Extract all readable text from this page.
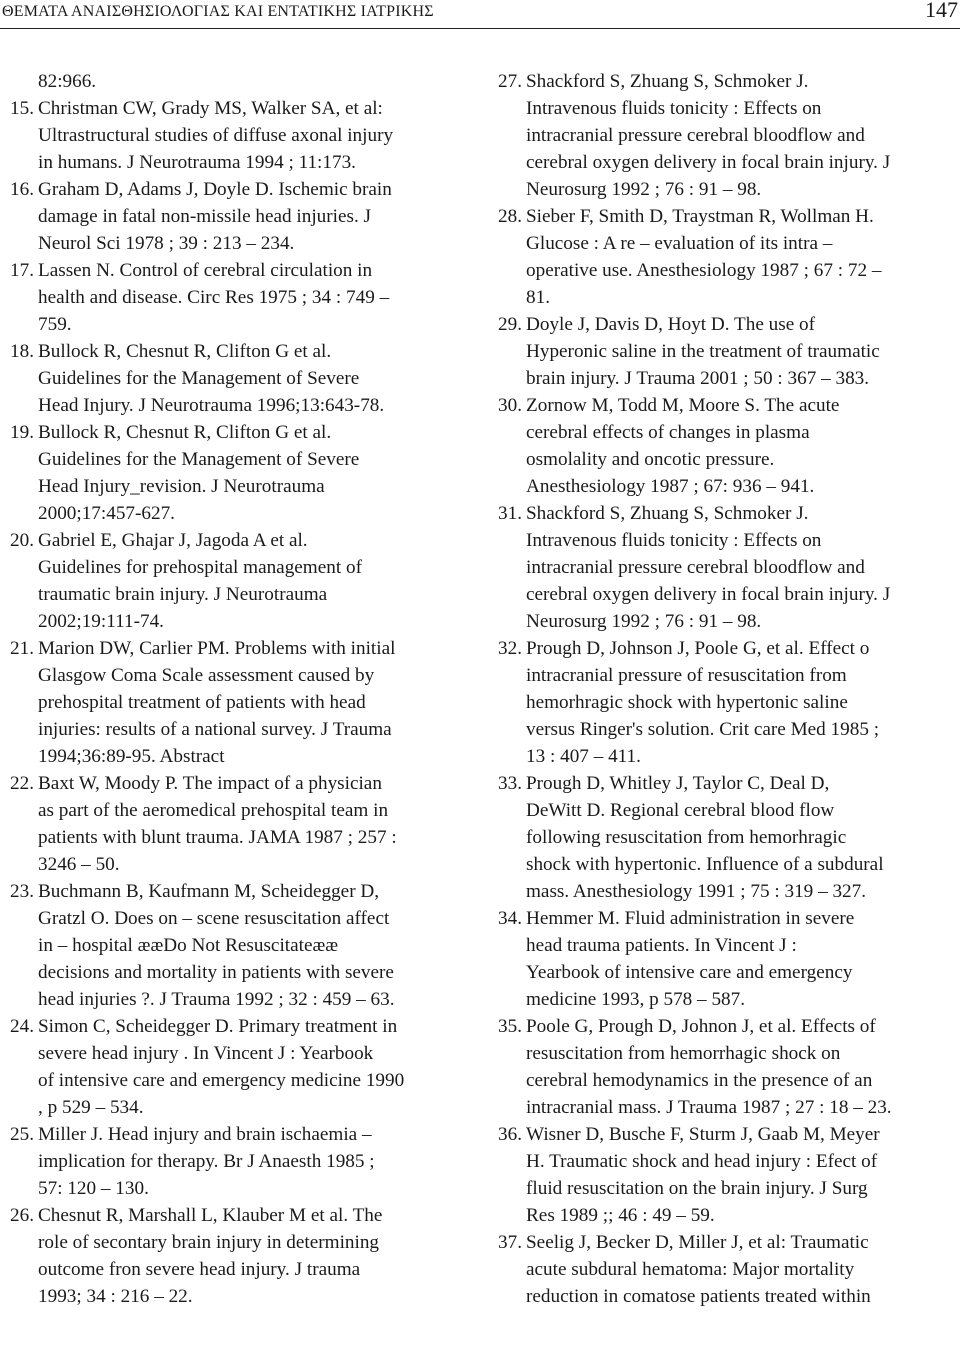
ΘΕΜΑΤΑ ΑΝΑΙΣΘΗΣΙΟΛΟΓΙΑΣ ΚΑΙ ΕΝΤΑΤΙΚΗΣ ΙΑΤΡΙΚΗΣ	147
82:966.
15. Christman CW, Grady MS, Walker SA, et al:
Ultrastructural studies of diffuse axonal injury
in humans. J Neurotrauma 1994 ; 11:173.
16. Graham D, Adams J, Doyle D. Ischemic brain
damage in fatal non-missile head injuries. J
Neurol Sci 1978 ; 39 : 213 – 234.
17. Lassen N. Control of cerebral circulation in
health and disease. Circ Res 1975 ; 34 : 749 –
759.
18. Bullock R, Chesnut R, Clifton G et al.
Guidelines for the Management of Severe
Head Injury. J Neurotrauma 1996;13:643-78.
19. Bullock R, Chesnut R, Clifton G et al.
Guidelines for the Management of Severe
Head Injury_revision. J Neurotrauma
2000;17:457-627.
20. Gabriel E, Ghajar J, Jagoda A et al.
Guidelines for prehospital management of
traumatic brain injury. J Neurotrauma
2002;19:111-74.
21. Marion DW, Carlier PM. Problems with initial
Glasgow Coma Scale assessment caused by
prehospital treatment of patients with head
injuries: results of a national survey. J Trauma
1994;36:89-95. Abstract
22. Baxt W, Moody P. The impact of a physician
as part of the aeromedical prehospital team in
patients with blunt trauma. JAMA 1987 ; 257 :
3246 – 50.
23. Buchmann B, Kaufmann M, Scheidegger D,
Gratzl O. Does on – scene resuscitation affect
in – hospital ææDo Not Resuscitateææ
decisions and mortality in patients with severe
head injuries ?. J Trauma 1992 ; 32 : 459 – 63.
24. Simon C, Scheidegger D. Primary treatment in
severe head injury . In Vincent J : Yearbook
of intensive care and emergency medicine 1990
, p 529 – 534.
25. Miller J. Head injury and brain ischaemia –
implication for therapy. Br J Anaesth 1985 ;
57: 120 – 130.
26. Chesnut R, Marshall L, Klauber M et al. The
role of secontary brain injury in determining
outcome fron severe head injury. J trauma
1993; 34 : 216 – 22.
27. Shackford S, Zhuang S, Schmoker J.
Intravenous fluids tonicity : Effects on
intracranial pressure cerebral bloodflow and
cerebral oxygen delivery in focal brain injury. J
Neurosurg 1992 ; 76 : 91 – 98.
28. Sieber F, Smith D, Traystman R, Wollman H.
Glucose : A re – evaluation of its intra –
operative use. Anesthesiology 1987 ; 67 : 72 –
81.
29. Doyle J, Davis D, Hoyt D. The use of
Hyperonic saline in the treatment of traumatic
brain injury. J Trauma 2001 ; 50 : 367 – 383.
30. Zornow M, Todd M, Moore S. The acute
cerebral effects of changes in plasma
osmolality and oncotic pressure.
Anesthesiology 1987 ; 67: 936 – 941.
31. Shackford S, Zhuang S, Schmoker J.
Intravenous fluids tonicity : Effects on
intracranial pressure cerebral bloodflow and
cerebral oxygen delivery in focal brain injury. J
Neurosurg 1992 ; 76 : 91 – 98.
32. Prough D, Johnson J, Poole G, et al. Effect o
intracranial pressure of resuscitation from
hemorhragic shock with hypertonic saline
versus Ringer's solution. Crit care Med 1985 ;
13 : 407 – 411.
33. Prough D, Whitley J, Taylor C, Deal D,
DeWitt D. Regional cerebral blood flow
following resuscitation from hemorhragic
shock with hypertonic. Influence of a subdural
mass. Anesthesiology 1991 ; 75 : 319 – 327.
34. Hemmer M. Fluid administration in severe
head trauma patients. In Vincent J :
Yearbook of intensive care and emergency
medicine 1993, p 578 – 587.
35. Poole G, Prough D, Johnon J, et al. Effects of
resuscitation from hemorrhagic shock on
cerebral hemodynamics in the presence of an
intracranial mass. J Trauma 1987 ; 27 : 18 – 23.
36. Wisner D, Busche F, Sturm J, Gaab M, Meyer
H. Traumatic shock and head injury : Efect of
fluid resuscitation on the brain injury. J Surg
Res 1989 ;; 46 : 49 – 59.
37. Seelig J, Becker D, Miller J, et al: Traumatic
acute subdural hematoma: Major mortality
reduction in comatose patients treated within
